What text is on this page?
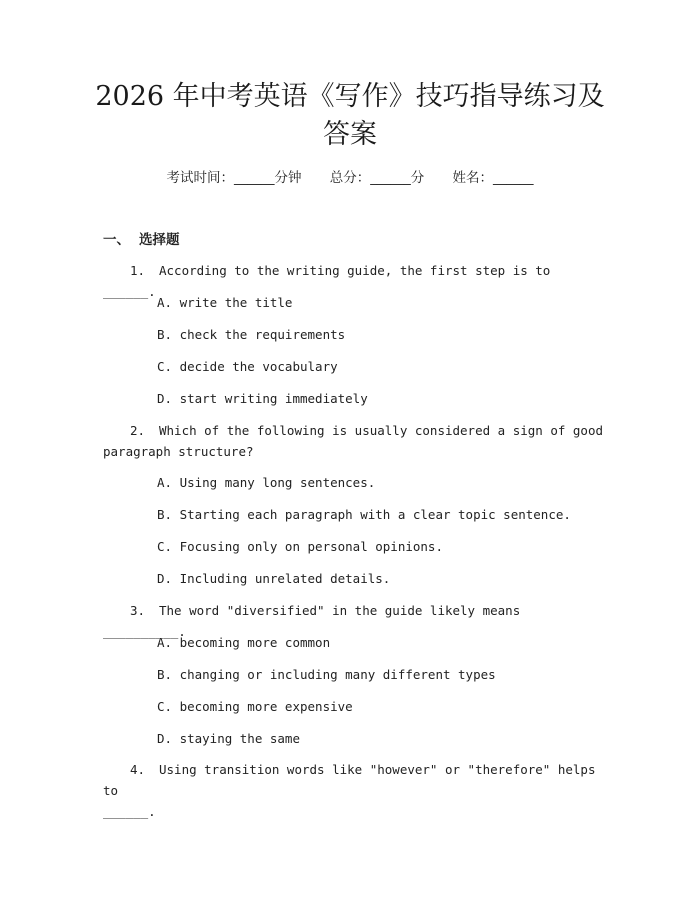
2026 年中考英语《写作》技巧指导练习及答案
考试时间：______分钟 总分：______分 姓名：______
一、 选择题
1. According to the writing guide, the first step is to ______.
A. write the title
B. check the requirements
C. decide the vocabulary
D. start writing immediately
2. Which of the following is usually considered a sign of good
paragraph structure?
A. Using many long sentences.
B. Starting each paragraph with a clear topic sentence.
C. Focusing only on personal opinions.
D. Including unrelated details.
3. The word "diversified" in the guide likely means __________.
A. becoming more common
B. changing or including many different types
C. becoming more expensive
D. staying the same
4. Using transition words like "however" or "therefore" helps to
______.
